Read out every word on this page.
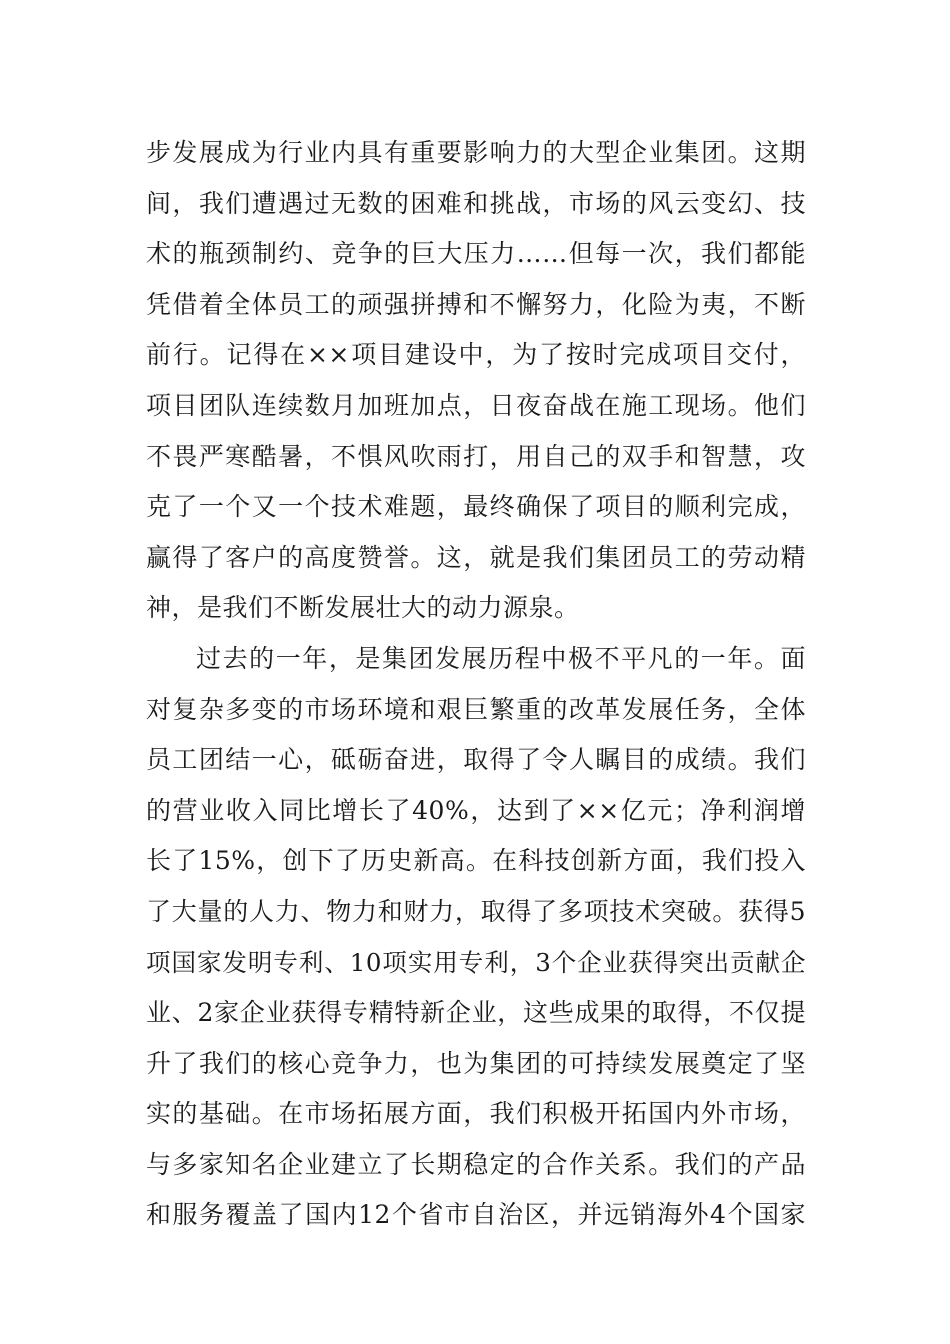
步发展成为行业内具有重要影响力的大型企业集团。这期
间，我们遭遇过无数的困难和挑战，市场的风云变幻、技
术的瓶颈制约、竞争的巨大压力……但每一次，我们都能
凭借着全体员工的顽强拼搏和不懈努力，化险为夷，不断
前行。记得在××项目建设中，为了按时完成项目交付，
项目团队连续数月加班加点，日夜奋战在施工现场。他们
不畏严寒酷暑，不惧风吹雨打，用自己的双手和智慧，攻
克了一个又一个技术难题，最终确保了项目的顺利完成，
赢得了客户的高度赞誉。这，就是我们集团员工的劳动精
神，是我们不断发展壮大的动力源泉。
过去的一年，是集团发展历程中极不平凡的一年。面
对复杂多变的市场环境和艰巨繁重的改革发展任务，全体
员工团结一心，砥砺奋进，取得了令人瞩目的成绩。我们
的营业收入同比增长了40%，达到了××亿元；净利润增
长了15%，创下了历史新高。在科技创新方面，我们投入
了大量的人力、物力和财力，取得了多项技术突破。获得5
项国家发明专利、10项实用专利，3个企业获得突出贡献企
业、2家企业获得专精特新企业，这些成果的取得，不仅提
升了我们的核心竞争力，也为集团的可持续发展奠定了坚
实的基础。在市场拓展方面，我们积极开拓国内外市场，
与多家知名企业建立了长期稳定的合作关系。我们的产品
和服务覆盖了国内12个省市自治区，并远销海外4个国家
